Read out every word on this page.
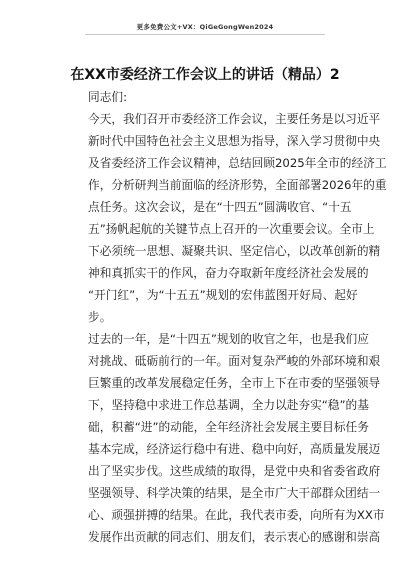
更多免费公文+VX：QiGeGongWen2024
在XX市委经济工作会议上的讲话（精品）2
同志们:
今天，我们召开市委经济工作会议，主要任务是以习近平
新时代中国特色社会主义思想为指导，深入学习贯彻中央
及省委经济工作会议精神，总结回顾2025年全市的经济工
作，分析研判当前面临的经济形势，全面部署2026年的重
点任务。这次会议，是在“十四五”圆满收官、“十五
五”扬帆起航的关键节点上召开的一次重要会议。全市上
下必须统一思想、凝聚共识、坚定信心，以改革创新的精
神和真抓实干的作风，奋力夺取新年度经济社会发展的
“开门红”，为“十五五”规划的宏伟蓝图开好局、起好
步。
过去的一年，是“十四五”规划的收官之年，也是我们应
对挑战、砥砺前行的一年。面对复杂严峻的外部环境和艰
巨繁重的改革发展稳定任务，全市上下在市委的坚强领导
下，坚持稳中求进工作总基调，全力以赴夯实“稳”的基
础，积蓄“进”的动能，全年经济社会发展主要目标任务
基本完成，经济运行稳中有进、稳中向好，高质量发展迈
出了坚实步伐。这些成绩的取得，是党中央和省委省政府
坚强领导、科学决策的结果，是全市广大干部群众团结一
心、顽强拼搏的结果。在此，我代表市委，向所有为XX市
发展作出贡献的同志们、朋友们，表示衷心的感谢和崇高
